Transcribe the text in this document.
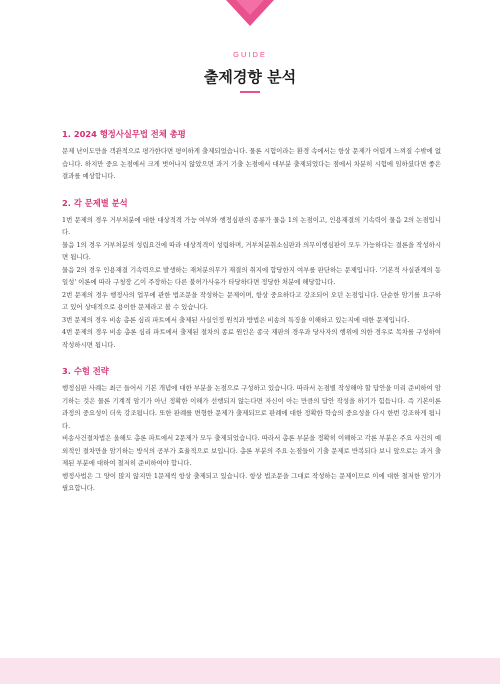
GUIDE
출제경향 분석
1. 2024 행정사실무법 전체 총평

문제 난이도만을 객관적으로 평가한다면 평이하게 출제되었습니다. 물론 시험이라는 환경 속에서는 항상 문제가 어렵게 느껴질 수밖에 없습니다. 하지만 중요 논점에서 크게 벗어나지 않았으면 과거 기출 논점에서 대부분 출제되었다는 점에서 차분히 시험에 임하셨다면 좋은 결과를 예상합니다.

2. 각 문제별 분석

1번 문제의 경우 거부처분에 대한 대상적격 가능 여부와 행정심판의 종류가 물음 1의 논점이고, 인용재결의 기속력이 물음 2의 논점입니다.

물음 1의 경우 거부처분의 성립요건에 따라 대상적격이 성립하며, 거부처분취소심판과 의무이행심판이 모두 가능하다는 결론을 작성하시면 됩니다.

물음 2의 경우 인용재결 기속력으로 발생하는 재처분의무가 재결의 취지에 합당한지 여부를 판단하는 문제입니다. '기본적 사실관계의 동일성' 이론에 따라 구청장 乙이 주장하는 다른 불허가사유가 타당하다면 정당한 처분에 해당합니다.

2번 문제의 경우 행정사의 업무에 관한 법조문을 작성하는 문제이며, 항상 중요하다고 강조되어 오던 논점입니다. 단순한 암기를 요구하고 있어 상대적으로 용이한 문제라고 볼 수 있습니다.

3번 문제의 경우 비송 총론 심리 파트에서 출제된 사실인정 원칙과 방법은 비송의 특징을 이해하고 있는지에 대한 문제입니다.

4번 문제의 경우 비송 총론 심리 파트에서 출제된 절차의 종료 원인은 종국 재판의 경우과 당사자의 행위에 의한 경우로 목차를 구성하여 작성하시면 됩니다.

3. 수험 전략

행정심판 사례는 최근 들어서 기본 개념에 대한 부분을 논점으로 구성하고 있습니다. 따라서 논점별 작성해야 할 답안을 미리 준비하여 암기하는 것은 물론 기계적 암기가 아닌 정확한 이해가 선행되지 않는다면 자신이 아는 만큼의 답안 작성을 하기가 힘듭니다. 즉 기본이론 과정의 중요성이 더욱 강조됩니다. 또한 판례를 변형한 문제가 출제되므로 판례에 대한 정확한 학습의 중요성을 다시 한번 강조하게 됩니다.

비송사건절차법은 올해도 총론 파트에서 2문제가 모두 출제되었습니다. 따라서 총론 부분을 정확히 이해하고 각론 부분은 주요 사건의 예외적인 절차만을 암기하는 방식의 공부가 효율적으로 보입니다. 총론 부분의 주요 논점들이 기출 문제로 반복되다 보니 앞으로는 과거 출제된 부분에 대하여 철저히 준비하여야 합니다.

행정사법은 그 양이 많지 않지만 1문제씩 항상 출제되고 있습니다. 항상 법조문을 그대로 작성하는 문제이므로 이에 대한 철저한 암기가 필요합니다.
